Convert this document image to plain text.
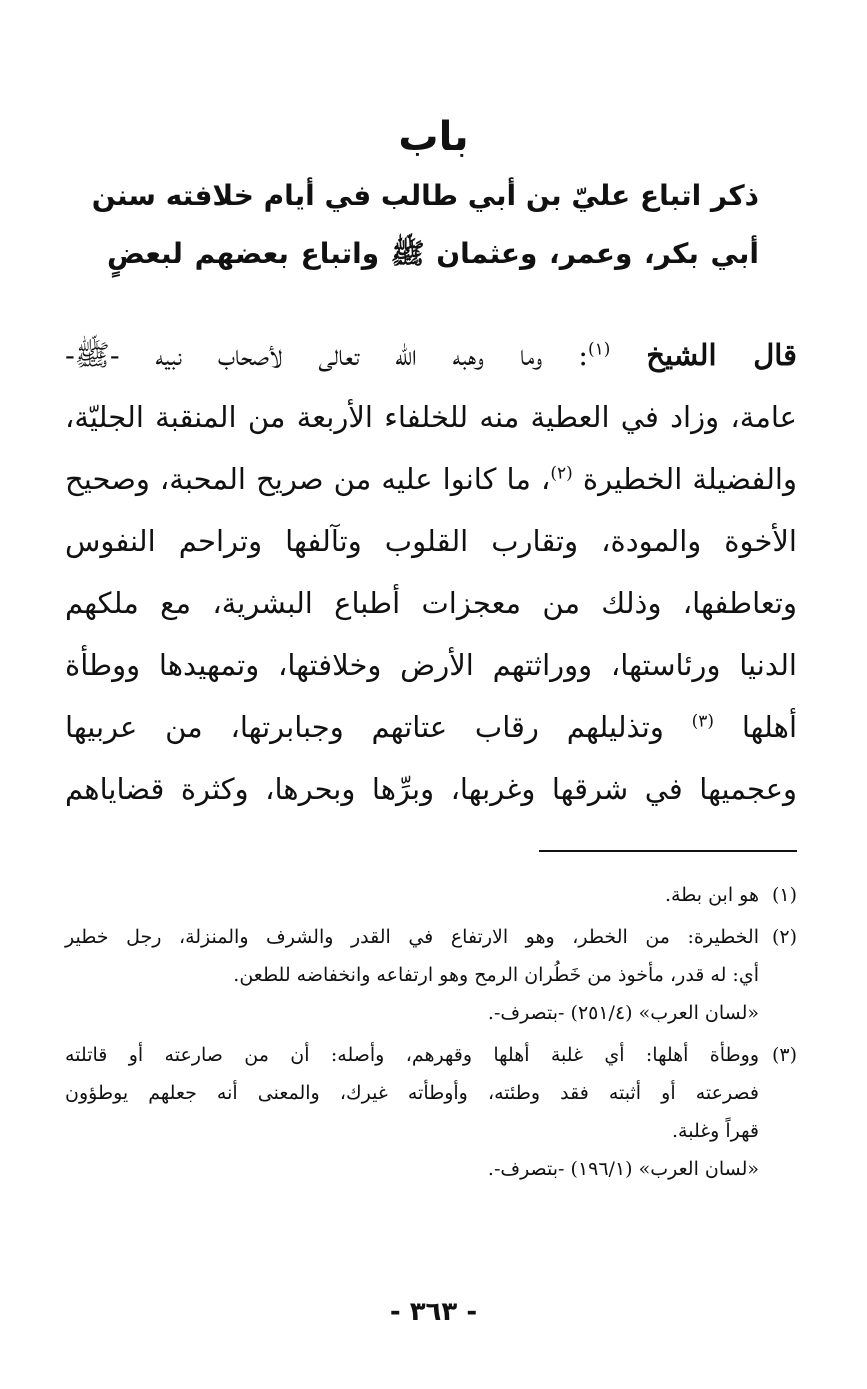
باب
ذكر اتباع عليّ بن أبي طالب في أيام خلافته سنن
أبي بكر، وعمر، وعثمان ﷺ واتباع بعضهم لبعضٍ
قال الشيخ $^{(١)}$: وما وهبه اللّه تعالى لأصحاب نبيه -ﷺ-
عامة، وزاد في العطية منه للخلفاء الأربعة من المنقبة الجليّة،
والفضيلة الخطيرة $^{(٢)}$، ما كانوا عليه من صريح المحبة، وصحيح
الأخوة والمودة، وتقارب القلوب وتآلفها وتراحم النفوس
وتعاطفها، وذلك من معجزات أطباع البشرية، مع ملكهم
الدنيا ورئاستها، ووراثتهم الأرض وخلافتها، وتمهيدها ووطأة
أهلها $^{(٣)}$ وتذليلهم رقاب عتاتهم وجبابرتها، من عربيها
وعجميها في شرقها وغربها، وبرِّها وبحرها، وكثرة قضاياهم
(١)
هو ابن بطة.
(٢)
الخطيرة: من الخطر، وهو الارتفاع في القدر والشرف والمنزلة، رجل خطير
أي: له قدر، مأخوذ من خَطُران الرمح وهو ارتفاعه وانخفاضه للطعن.
«لسان العرب» (٢٥١/٤) -بتصرف-.
(٣)
ووطأة أهلها: أي غلبة أهلها وقهرهم، وأصله: أن من صارعته أو قاتلته
فصرعته أو أثبته فقد وطئته، وأوطأته غيرك، والمعنى أنه جعلهم يوطؤون
قهراً وغلبة.
«لسان العرب» (١٩٦/١) -بتصرف-.
- ٣٦٣ -
